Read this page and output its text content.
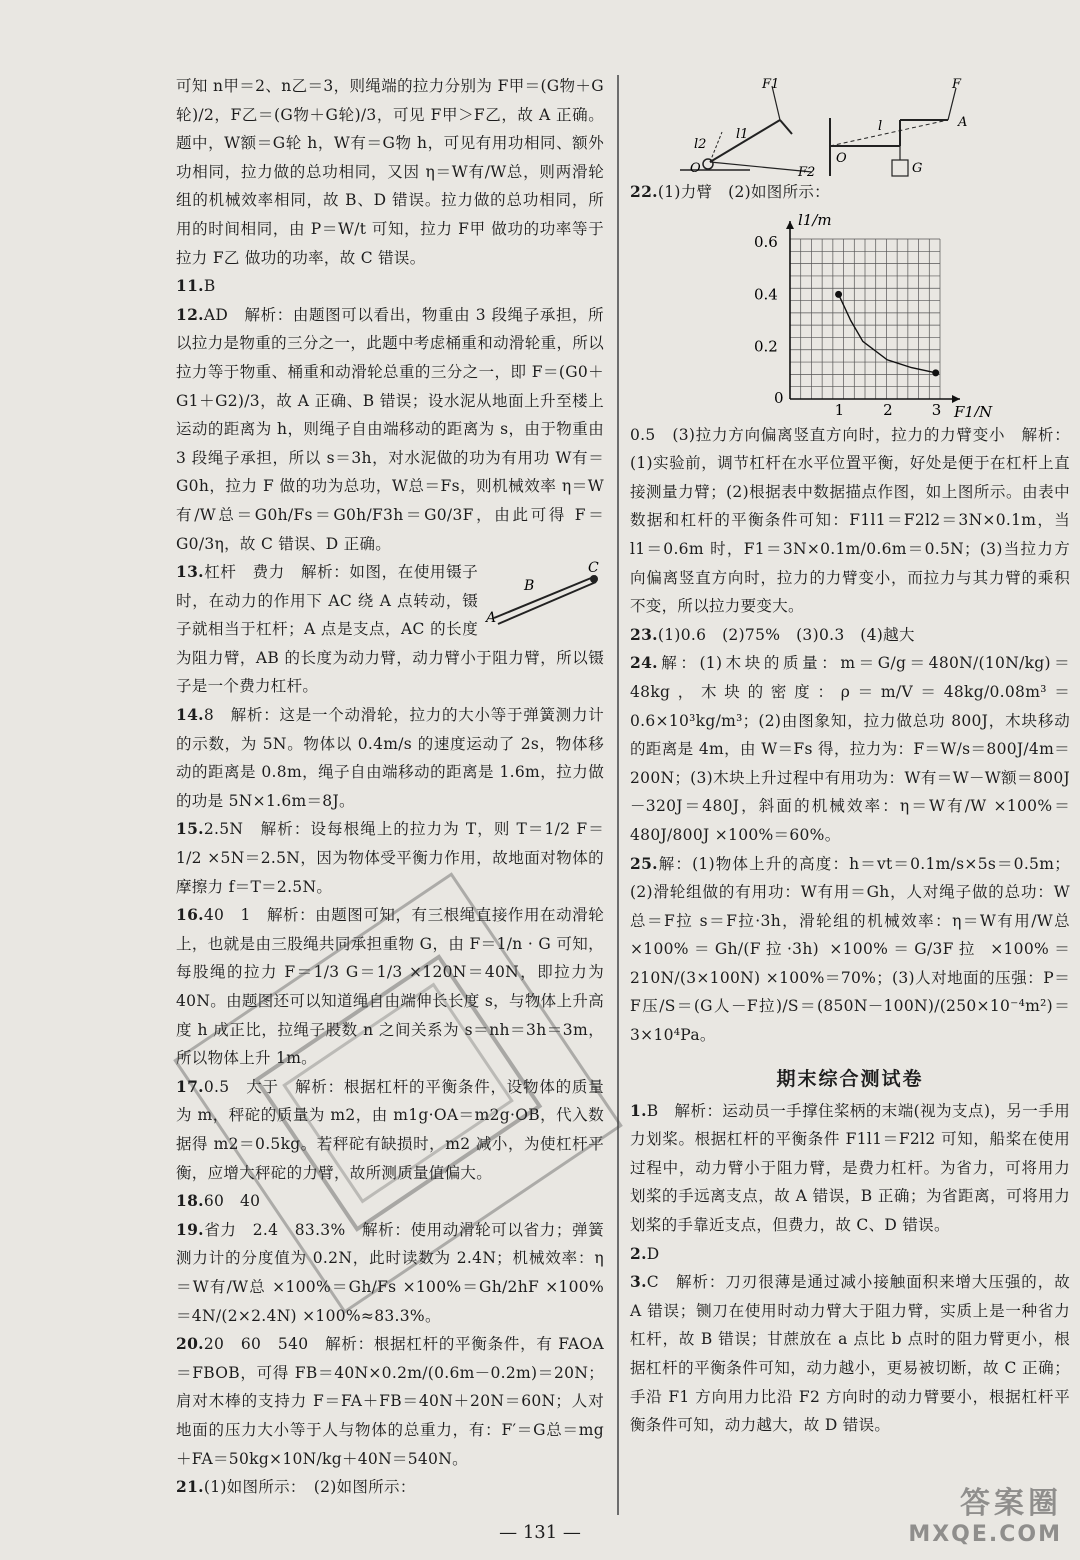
可知 n甲＝2、n乙＝3，则绳端的拉力分别为 F甲＝(G物＋G轮)/2，F乙＝(G物＋G轮)/3，可见 F甲＞F乙，故 A 正确。题中，W额＝G轮 h，W有＝G物 h，可见有用功相同、额外功相同，拉力做的总功相同，又因 η＝W有/W总，则两滑轮组的机械效率相同，故 B、D 错误。拉力做的总功相同，所用的时间相同，由 P＝W/t 可知，拉力 F甲 做功的功率等于拉力 F乙 做功的功率，故 C 错误。

11.B

12.AD　解析：由题图可以看出，物重由 3 段绳子承担，所以拉力是物重的三分之一，此题中考虑桶重和动滑轮重，所以拉力等于物重、桶重和动滑轮总重的三分之一，即 F＝(G0＋G1＋G2)/3，故 A 正确、B 错误；设水泥从地面上升至楼上运动的距离为 h，则绳子自由端移动的距离为 s，由于物重由 3 段绳子承担，所以 s＝3h，对水泥做的功为有用功 W有＝G0h，拉力 F 做的功为总功，W总＝Fs，则机械效率 η＝W有/W总＝G0h/Fs＝G0h/F3h＝G0/3F，由此可得 F＝G0/3η，故 C 错误、D 正确。

B
A
C
13.杠杆　费力　解析：如图，在使用镊子时，在动力的作用下 AC 绕 A 点转动，镊子就相当于杠杆；A 点是支点，AC 的长度为阻力臂，AB 的长度为动力臂，动力臂小于阻力臂，所以镊子是一个费力杠杆。

14.8　解析：这是一个动滑轮，拉力的大小等于弹簧测力计的示数，为 5N。物体以 0.4m/s 的速度运动了 2s，物体移动的距离是 0.8m，绳子自由端移动的距离是 1.6m，拉力做的功是 5N×1.6m＝8J。

15.2.5N　解析：设每根绳上的拉力为 T，则 T＝1/2 F＝1/2 ×5N＝2.5N，因为物体受平衡力作用，故地面对物体的摩擦力 f＝T＝2.5N。

16.40　1　解析：由题图可知，有三根绳直接作用在动滑轮上，也就是由三股绳共同承担重物 G，由 F＝1/n · G 可知，每股绳的拉力 F＝1/3 G＝1/3 ×120N＝40N，即拉力为 40N。由题图还可以知道绳自由端伸长长度 s，与物体上升高度 h 成正比，拉绳子股数 n 之间关系为 s＝nh＝3h＝3m，所以物体上升 1m。

17.0.5　大于　解析：根据杠杆的平衡条件，设物体的质量为 m，秤砣的质量为 m2，由 m1g·OA＝m2g·OB，代入数据得 m2＝0.5kg。若秤砣有缺损时，m2 减小，为使杠杆平衡，应增大秤砣的力臂，故所测质量值偏大。

18.60　40

19.省力　2.4　83.3%　解析：使用动滑轮可以省力；弹簧测力计的分度值为 0.2N，此时读数为 2.4N；机械效率：η＝W有/W总 ×100%＝Gh/Fs ×100%＝Gh/2hF ×100%＝4N/(2×2.4N) ×100%≈83.3%。

20.20　60　540　解析：根据杠杆的平衡条件，有 FAOA＝FBOB，可得 FB＝40N×0.2m/(0.6m－0.2m)＝20N；肩对木棒的支持力 F＝FA＋FB＝40N＋20N＝60N；人对地面的压力大小等于人与物体的总重力，有：F′＝G总＝mg＋FA＝50kg×10N/kg＋40N＝540N。

21.(1)如图所示：　(2)如图所示：

F1
F2
l1
l2
O
F
A
l
O
G

22.(1)力臂　(2)如图所示：

0
1	2	3
0.2
0.4
0.6
F1/N
l1/m

0.5　(3)拉力方向偏离竖直方向时，拉力的力臂变小　解析：(1)实验前，调节杠杆在水平位置平衡，好处是便于在杠杆上直接测量力臂；(2)根据表中数据描点作图，如上图所示。由表中数据和杠杆的平衡条件可知：F1l1＝F2l2＝3N×0.1m，当 l1＝0.6m 时，F1＝3N×0.1m/0.6m＝0.5N；(3)当拉力方向偏离竖直方向时，拉力的力臂变小，而拉力与其力臂的乘积不变，所以拉力要变大。

23.(1)0.6　(2)75%　(3)0.3　(4)越大

24.解：(1)木块的质量：m＝G/g＝480N/(10N/kg)＝48kg，木块的密度：ρ＝m/V＝48kg/0.08m³＝0.6×10³kg/m³；(2)由图象知，拉力做总功 800J，木块移动的距离是 4m，由 W＝Fs 得，拉力为：F＝W/s＝800J/4m＝200N；(3)木块上升过程中有用功为：W有＝W－W额＝800J－320J＝480J，斜面的机械效率：η＝W有/W ×100%＝480J/800J ×100%＝60%。

25.解：(1)物体上升的高度：h＝vt＝0.1m/s×5s＝0.5m；(2)滑轮组做的有用功：W有用＝Gh，人对绳子做的总功：W总＝F拉 s＝F拉·3h，滑轮组的机械效率：η＝W有用/W总 ×100%＝Gh/(F拉·3h) ×100%＝G/3F拉 ×100%＝210N/(3×100N) ×100%＝70%；(3)人对地面的压强：P＝F压/S＝(G人－F拉)/S＝(850N－100N)/(250×10⁻⁴m²)＝3×10⁴Pa。

期末综合测试卷

1.B　解析：运动员一手撑住桨柄的末端(视为支点)，另一手用力划桨。根据杠杆的平衡条件 F1l1＝F2l2 可知，船桨在使用过程中，动力臂小于阻力臂，是费力杠杆。为省力，可将用力划桨的手远离支点，故 A 错误，B 正确；为省距离，可将用力划桨的手靠近支点，但费力，故 C、D 错误。

2.D

3.C　解析：刀刃很薄是通过减小接触面积来增大压强的，故 A 错误；铡刀在使用时动力臂大于阻力臂，实质上是一种省力杠杆，故 B 错误；甘蔗放在 a 点比 b 点时的阻力臂更小，根据杠杆的平衡条件可知，动力越小，更易被切断，故 C 正确；手沿 F1 方向用力比沿 F2 方向时的动力臂要小，根据杠杆平衡条件可知，动力越大，故 D 错误。

— 131 —
答案圈
MXQE.COM
